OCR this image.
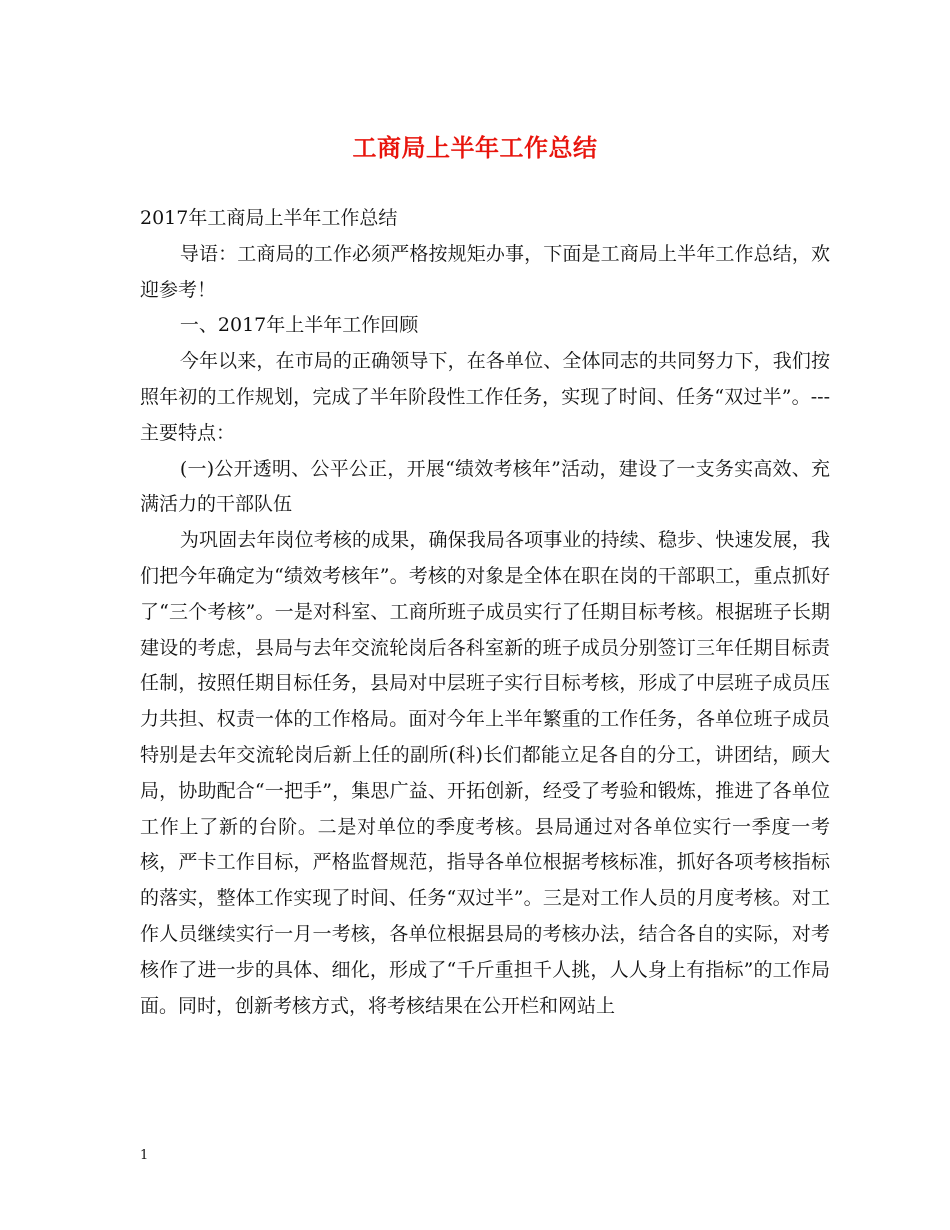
工商局上半年工作总结

2017年工商局上半年工作总结

导语：工商局的工作必须严格按规矩办事，下面是工商局上半年工作总结，欢迎参考！

一、2017年上半年工作回顾

今年以来，在市局的正确领导下，在各单位、全体同志的共同努力下，我们按照年初的工作规划，完成了半年阶段性工作任务，实现了时间、任务“双过半”。---主要特点：

(一)公开透明、公平公正，开展“绩效考核年”活动，建设了一支务实高效、充满活力的干部队伍

为巩固去年岗位考核的成果，确保我局各项事业的持续、稳步、快速发展，我们把今年确定为“绩效考核年”。考核的对象是全体在职在岗的干部职工，重点抓好了“三个考核”。一是对科室、工商所班子成员实行了任期目标考核。根据班子长期建设的考虑，县局与去年交流轮岗后各科室新的班子成员分别签订三年任期目标责任制，按照任期目标任务，县局对中层班子实行目标考核，形成了中层班子成员压力共担、权责一体的工作格局。面对今年上半年繁重的工作任务，各单位班子成员特别是去年交流轮岗后新上任的副所(科)长们都能立足各自的分工，讲团结，顾大局，协助配合“一把手”，集思广益、开拓创新，经受了考验和锻炼，推进了各单位工作上了新的台阶。二是对单位的季度考核。县局通过对各单位实行一季度一考核，严卡工作目标，严格监督规范，指导各单位根据考核标准，抓好各项考核指标的落实，整体工作实现了时间、任务“双过半”。三是对工作人员的月度考核。对工作人员继续实行一月一考核，各单位根据县局的考核办法，结合各自的实际，对考核作了进一步的具体、细化，形成了“千斤重担千人挑，人人身上有指标”的工作局面。同时，创新考核方式，将考核结果在公开栏和网站上

1
